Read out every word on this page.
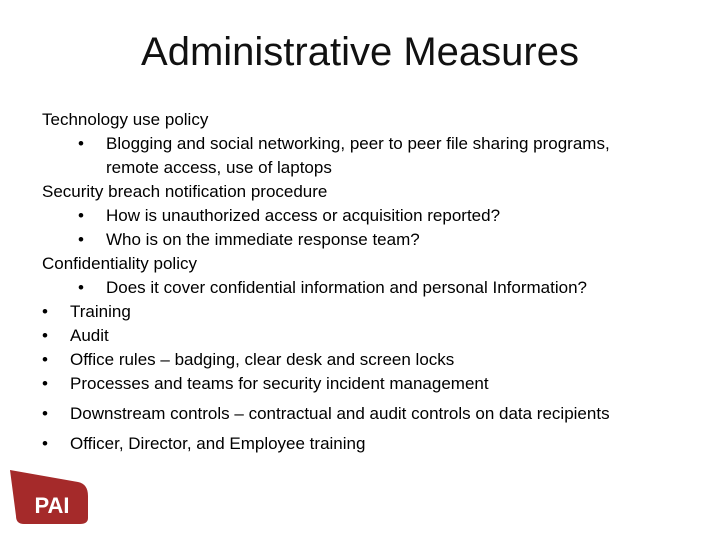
Administrative Measures
Technology use policy
• Blogging and social networking, peer to peer file sharing programs,
remote access, use of laptops
Security breach notification procedure
• How is unauthorized access or acquisition reported?
• Who is on the immediate response team?
Confidentiality policy
• Does it cover confidential information and personal Information?
• Training
• Audit
• Office rules – badging, clear desk and screen locks
• Processes and teams for security incident management
• Downstream controls – contractual and audit controls on data recipients
• Officer, Director, and Employee training
PAI
